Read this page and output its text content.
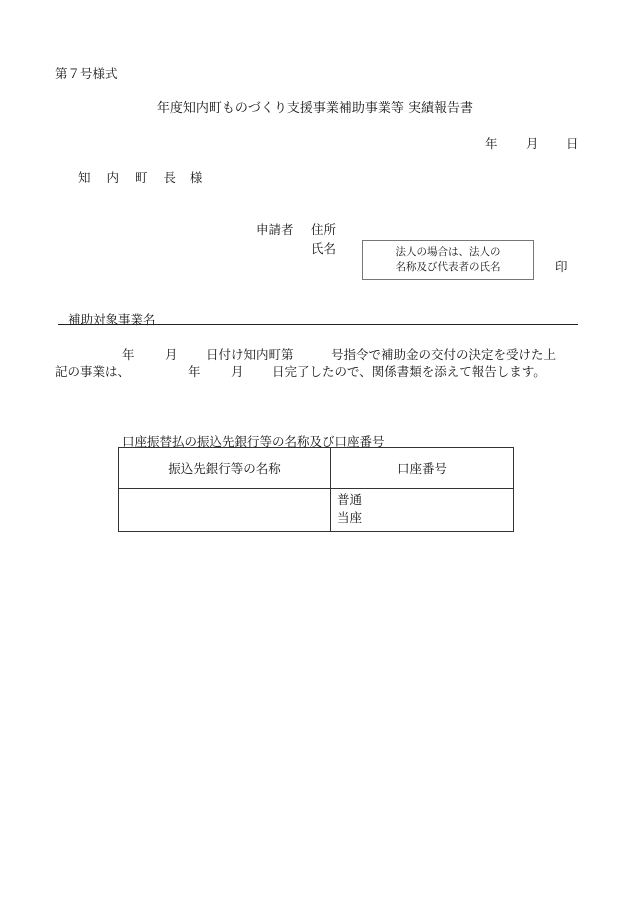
第７号様式
年度知内町ものづくり支援事業補助事業等 実績報告書
年 月 日
知 内 町 長 様
申請者 住所
氏名	法人の場合は、法人の
名称及び代表者の氏名	印
補助対象事業名
年 月 日付け知内町第	号指令で補助金の交付の決定を受けた上
記の事業は、	年 月 日完了したので、関係書類を添えて報告します。
口座振替払の振込先銀行等の名称及び口座番号
振込先銀行等の名称	口座番号

	普通
当座
